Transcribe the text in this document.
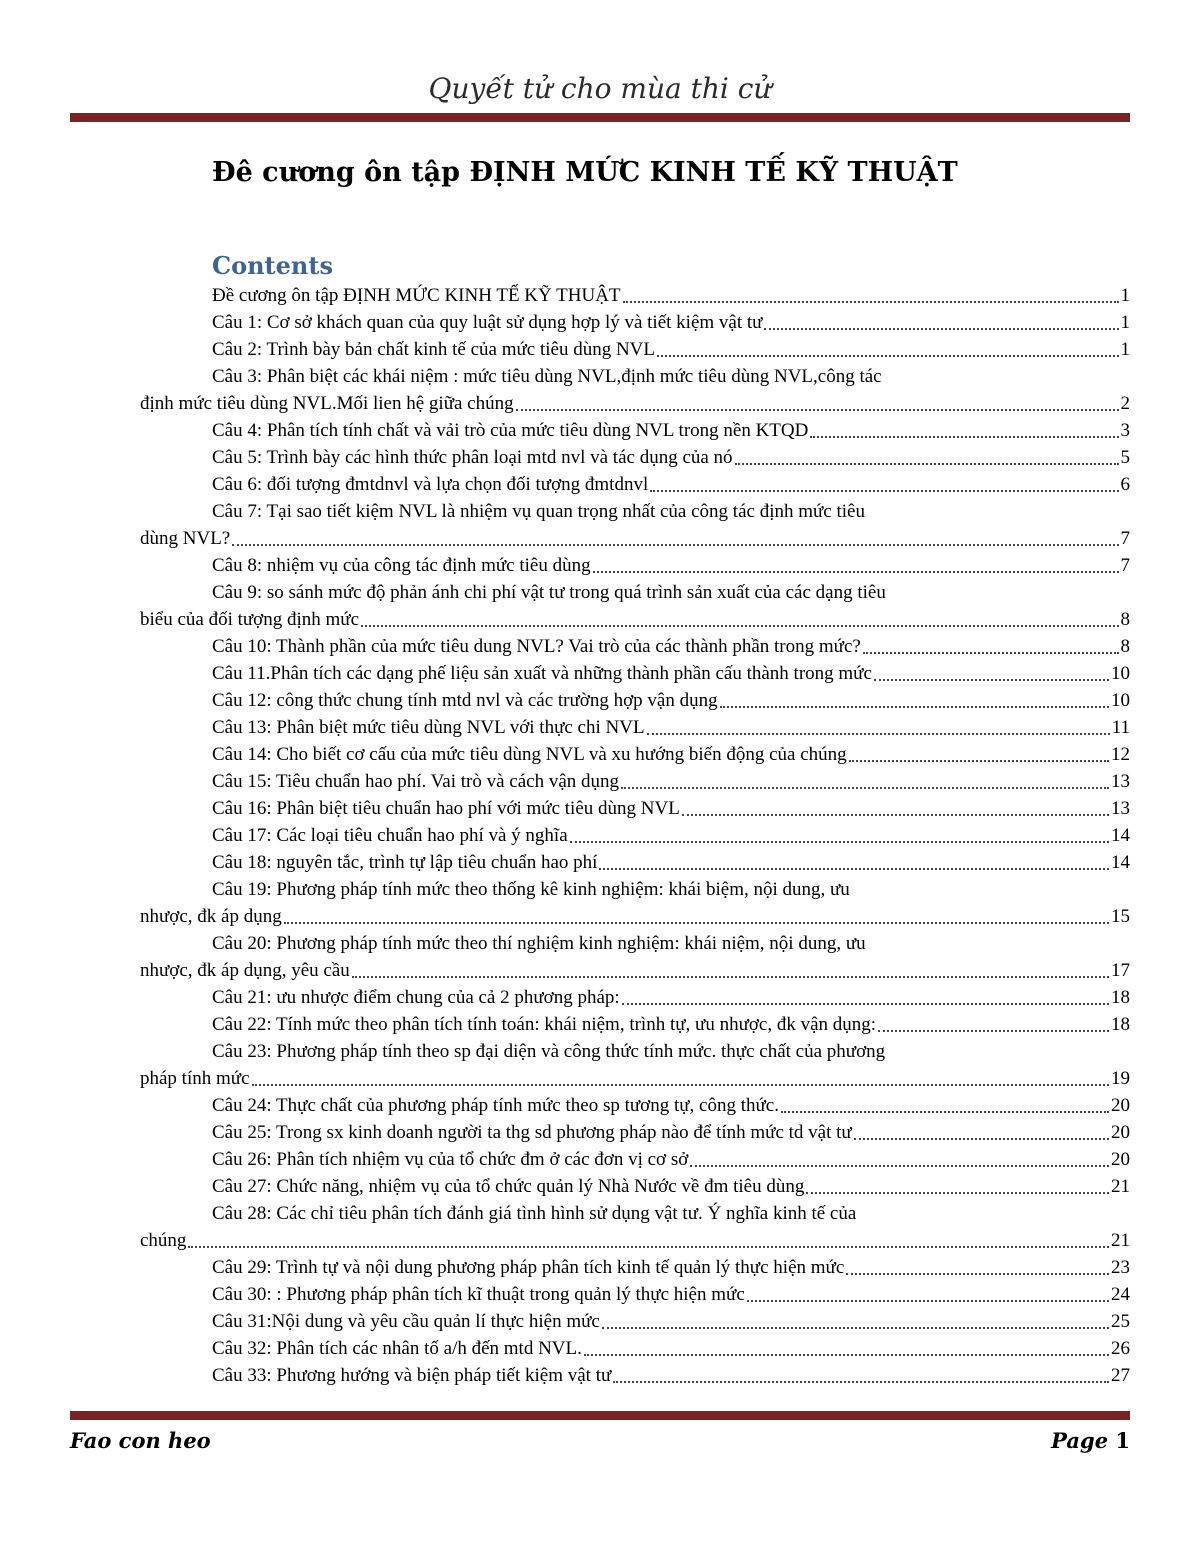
Quyết tử cho mùa thi cử
Đê cương ôn tập ĐỊNH MỨC KINH TẾ KỸ THUẬT
Contents
Đề cương ôn tập ĐỊNH MỨC KINH TẾ KỸ THUẬT	1
Câu 1: Cơ sở khách quan của quy luật sử dụng hợp lý và tiết kiệm vật tư	1
Câu 2: Trình bày bản chất kinh tế của mức tiêu dùng NVL	1
Câu 3: Phân biệt các khái niệm : mức tiêu dùng NVL,định mức tiêu dùng NVL,công tác
định mức tiêu dùng NVL.Mối lien hệ giữa chúng	2
Câu 4: Phân tích tính chất và vải trò của mức tiêu dùng NVL trong nền KTQD	3
Câu 5: Trình bày các hình thức phân loại mtd nvl và tác dụng của nó	5
Câu 6: đối tượng đmtdnvl và lựa chọn đối tượng đmtdnvl	6
Câu 7: Tại sao tiết kiệm NVL là nhiệm vụ quan trọng nhất của công tác định mức tiêu
dùng NVL?	7
Câu 8: nhiệm vụ của công tác định mức tiêu dùng	7
Câu 9: so sánh mức độ phản ánh chi phí vật tư trong quá trình sản xuất của các dạng tiêu
biểu của đối tượng định mức	8
Câu 10: Thành phần của mức tiêu dung NVL? Vai trò của các thành phần trong mức?	8
Câu 11.Phân tích các dạng phế liệu sản xuất và những thành phần cấu thành trong mức	10
Câu 12: công thức chung tính mtd nvl và các trường hợp vận dụng	10
Câu 13: Phân biệt mức tiêu dùng NVL với thực chi NVL	11
Câu 14: Cho biết cơ cấu của mức tiêu dùng NVL và xu hướng biến động của chúng	12
Câu 15: Tiêu chuẩn hao phí. Vai trò và cách vận dụng	13
Câu 16: Phân biệt tiêu chuẩn hao phí với mức tiêu dùng NVL	13
Câu 17: Các loại tiêu chuẩn hao phí và ý nghĩa	14
Câu 18: nguyên tắc, trình tự lập tiêu chuẩn hao phí	14
Câu 19: Phương pháp tính mức theo thống kê kinh nghiệm: khái biệm, nội dung, ưu
nhược, đk áp dụng	15
Câu 20: Phương pháp tính mức theo thí nghiệm kinh nghiệm: khái niệm, nội dung, ưu
nhược, đk áp dụng, yêu cầu	17
Câu 21: ưu nhược điểm chung của cả 2 phương pháp:	18
Câu 22: Tính mức theo phân tích tính toán: khái niệm, trình tự, ưu nhược, đk vận dụng:	18
Câu 23: Phương pháp tính theo sp đại diện và công thức tính mức. thực chất của phương
pháp tính mức	19
Câu 24: Thực chất của phương pháp tính mức theo sp tương tự, công thức.	20
Câu 25: Trong sx kinh doanh người ta thg sd phương pháp nào để tính mức td vật tư	20
Câu 26: Phân tích nhiệm vụ của tổ chức đm ở các đơn vị cơ sở	20
Câu 27: Chức năng, nhiệm vụ của tổ chức quản lý Nhà Nước về đm tiêu dùng	21
Câu 28: Các chỉ tiêu phân tích đánh giá tình hình sử dụng vật tư. Ý nghĩa kinh tế của
chúng	21
Câu 29: Trình tự và nội dung phương pháp phân tích kinh tế quản lý thực hiện mức	23
Câu 30: : Phương pháp phân tích kĩ thuật trong quản lý thực hiện mức	24
Câu 31:Nội dung và yêu cầu quản lí thực hiện mức	25
Câu 32: Phân tích các nhân tố a/h đến mtd NVL.	26
Câu 33: Phương hướng và biện pháp tiết kiệm vật tư	27
Fao con heo	Page 1
